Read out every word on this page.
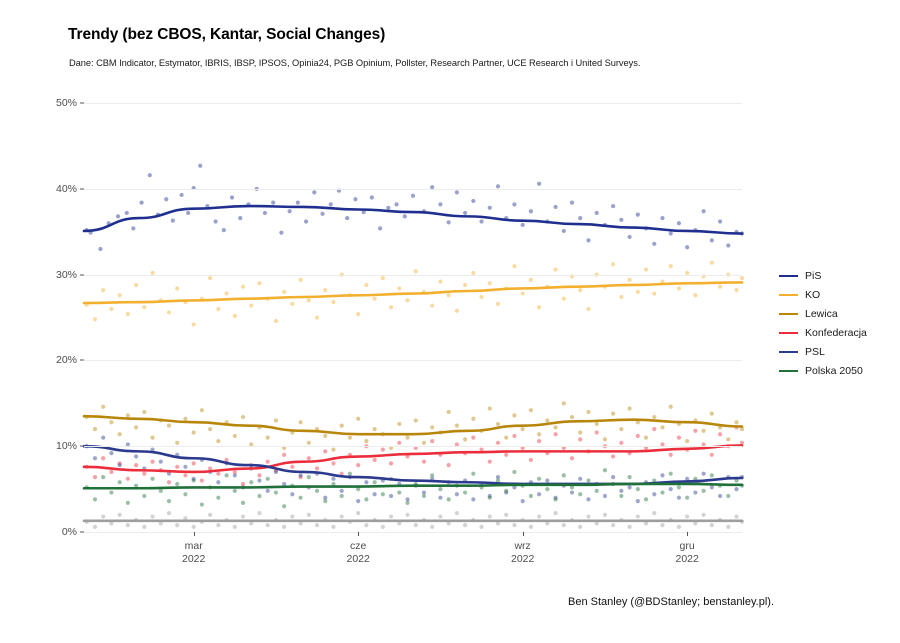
Trendy (bez CBOS, Kantar, Social Changes)
Dane: CBM Indicator, Estymator, IBRIS, IBSP, IPSOS, Opinia24, PGB Opinium, Pollster, Research Partner, UCE Research i United Surveys.
0%
10%
20%
30%
40%
50%
mar
2022
cze
2022
wrz
2022
gru
2022
PiS
KO
Lewica
Konfederacja
PSL
Polska 2050
Ben Stanley (@BDStanley; benstanley.pl).
